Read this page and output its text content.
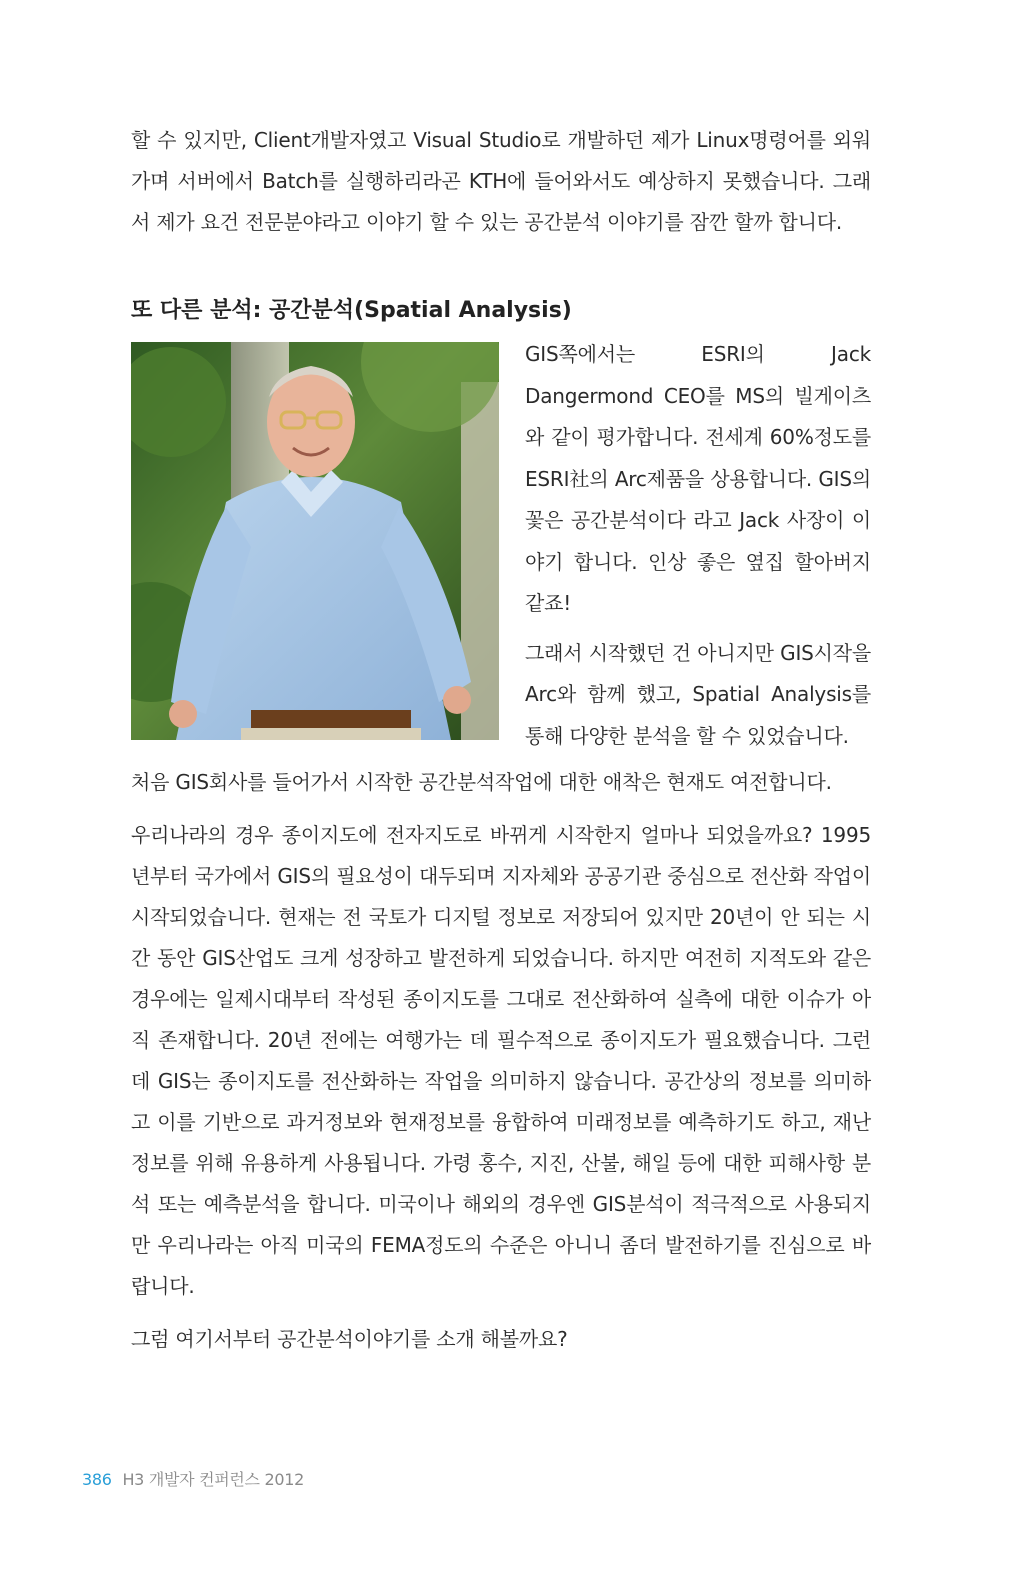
할 수 있지만, Client개발자였고 Visual Studio로 개발하던 제가 Linux명령어를 외워가며 서버에서 Batch를 실행하리라곤 KTH에 들어와서도 예상하지 못했습니다. 그래서 제가 요건 전문분야라고 이야기 할 수 있는 공간분석 이야기를 잠깐 할까 합니다.

또 다른 분석: 공간분석(Spatial Analysis)

GIS쪽에서는 ESRI의 Jack Dangermond CEO를 MS의 빌게이츠와 같이 평가합니다. 전세계 60%정도를 ESRI社의 Arc제품을 상용합니다. GIS의 꽃은 공간분석이다 라고 Jack 사장이 이야기 합니다. 인상 좋은 옆집 할아버지 같죠!

그래서 시작했던 건 아니지만 GIS시작을 Arc와 함께 했고, Spatial Analysis를 통해 다양한 분석을 할 수 있었습니다.

처음 GIS회사를 들어가서 시작한 공간분석작업에 대한 애착은 현재도 여전합니다.

우리나라의 경우 종이지도에 전자지도로 바뀌게 시작한지 얼마나 되었을까요? 1995년부터 국가에서 GIS의 필요성이 대두되며 지자체와 공공기관 중심으로 전산화 작업이 시작되었습니다. 현재는 전 국토가 디지털 정보로 저장되어 있지만 20년이 안 되는 시간 동안 GIS산업도 크게 성장하고 발전하게 되었습니다. 하지만 여전히 지적도와 같은 경우에는 일제시대부터 작성된 종이지도를 그대로 전산화하여 실측에 대한 이슈가 아직 존재합니다. 20년 전에는 여행가는 데 필수적으로 종이지도가 필요했습니다. 그런데 GIS는 종이지도를 전산화하는 작업을 의미하지 않습니다. 공간상의 정보를 의미하고 이를 기반으로 과거정보와 현재정보를 융합하여 미래정보를 예측하기도 하고, 재난정보를 위해 유용하게 사용됩니다. 가령 홍수, 지진, 산불, 해일 등에 대한 피해사항 분석 또는 예측분석을 합니다. 미국이나 해외의 경우엔 GIS분석이 적극적으로 사용되지만 우리나라는 아직 미국의 FEMA정도의 수준은 아니니 좀더 발전하기를 진심으로 바랍니다.

그럼 여기서부터 공간분석이야기를 소개 해볼까요?

386 H3 개발자 컨퍼런스 2012
